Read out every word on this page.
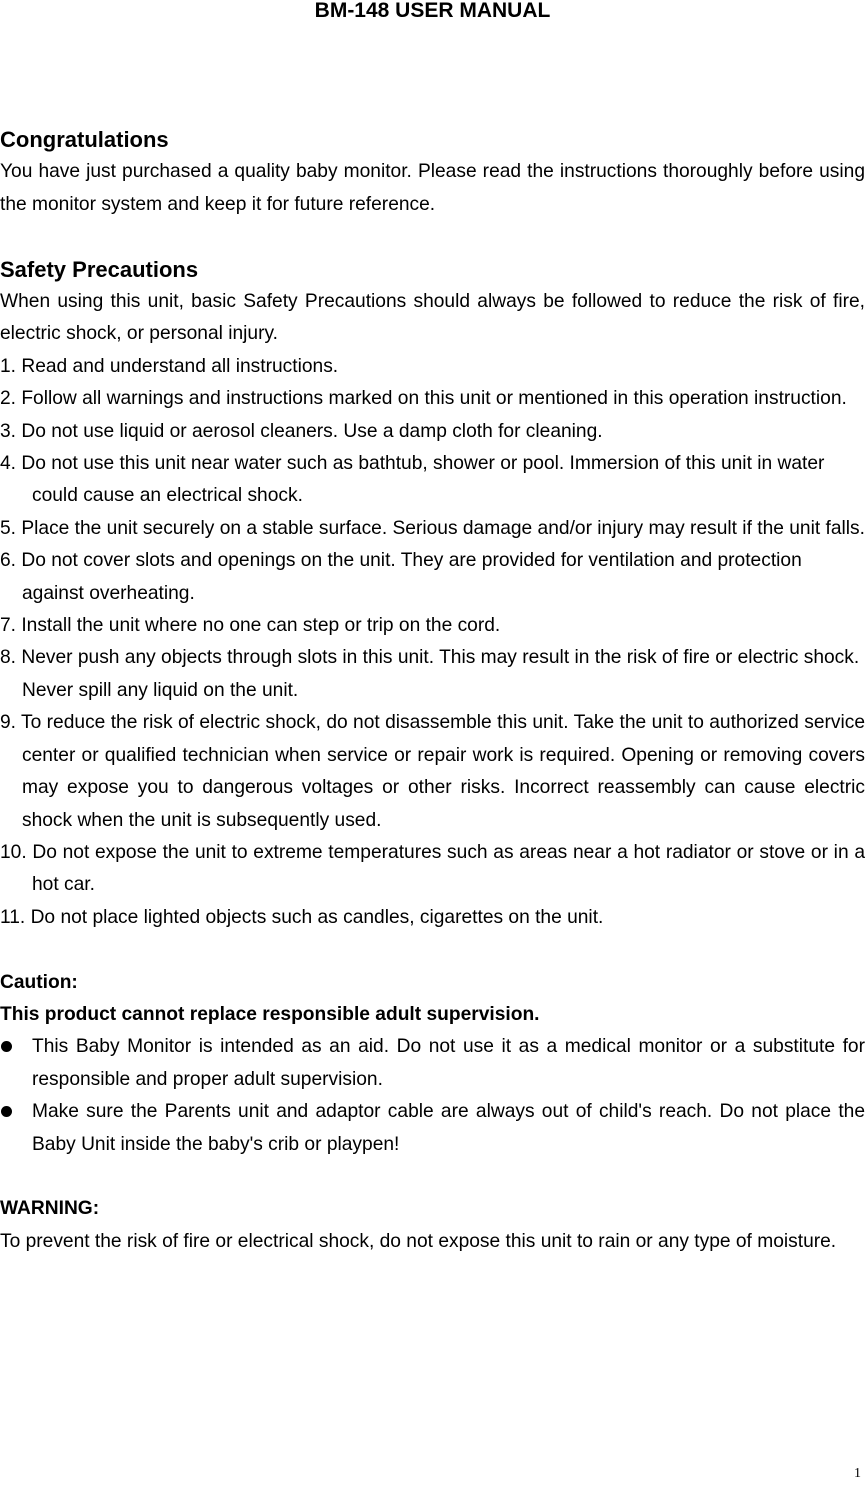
BM-148 USER MANUAL
Congratulations

You have just purchased a quality baby monitor. Please read the instructions thoroughly before using the monitor system and keep it for future reference.

Safety Precautions

When using this unit, basic Safety Precautions should always be followed to reduce the risk of fire, electric shock, or personal injury.

1. Read and understand all instructions.
2. Follow all warnings and instructions marked on this unit or mentioned in this operation instruction.
3. Do not use liquid or aerosol cleaners. Use a damp cloth for cleaning.
4. Do not use this unit near water such as bathtub, shower or pool. Immersion of this unit in water could cause an electrical shock.
5. Place the unit securely on a stable surface. Serious damage and/or injury may result if the unit falls.
6. Do not cover slots and openings on the unit. They are provided for ventilation and protection against overheating.
7. Install the unit where no one can step or trip on the cord.
8. Never push any objects through slots in this unit. This may result in the risk of fire or electric shock. Never spill any liquid on the unit.
9. To reduce the risk of electric shock, do not disassemble this unit. Take the unit to authorized service center or qualified technician when service or repair work is required. Opening or removing covers may expose you to dangerous voltages or other risks. Incorrect reassembly can cause electric shock when the unit is subsequently used.
10. Do not expose the unit to extreme temperatures such as areas near a hot radiator or stove or in a hot car.
11. Do not place lighted objects such as candles, cigarettes on the unit.
Caution:
This product cannot replace responsible adult supervision.
This Baby Monitor is intended as an aid. Do not use it as a medical monitor or a substitute for responsible and proper adult supervision.
Make sure the Parents unit and adaptor cable are always out of child's reach. Do not place the Baby Unit inside the baby's crib or playpen!
WARNING:

To prevent the risk of fire or electrical shock, do not expose this unit to rain or any type of moisture.

1
